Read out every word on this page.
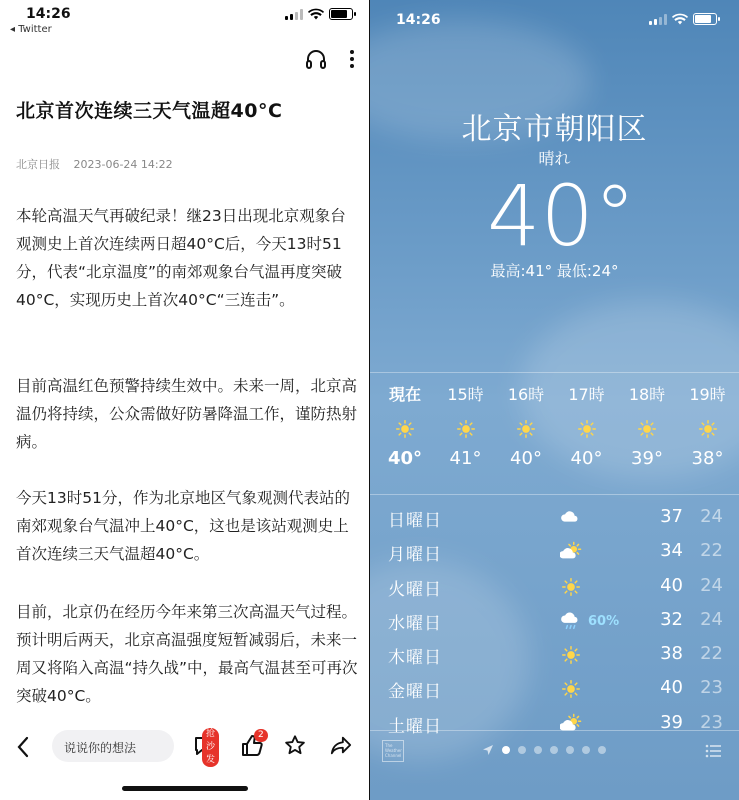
14:26
◂ Twitter
北京首次连续三天气温超40°C
北京日报 2023-06-24 14:22

本轮高温天气再破纪录！继23日出现北京观象台观测史上首次连续两日超40°C后，今天13时51分，代表“北京温度”的南郊观象台气温再度突破40°C，实现历史上首次40°C“三连击”。

目前高温红色预警持续生效中。未来一周，北京高温仍将持续，公众需做好防暑降温工作，谨防热射病。

今天13时51分，作为北京地区气象观测代表站的南郊观象台气温冲上40°C，这也是该站观测史上首次连续三天气温超40°C。

目前，北京仍在经历今年来第三次高温天气过程。预计明后两天，北京高温强度短暂减弱后，未来一周又将陷入高温“持久战”中，最高气温甚至可再次突破40°C。

说说你的想法
抢沙发
2
14:26
北京市朝阳区
晴れ
40°
最高:41° 最低:24°
現在
40°
15時
41°
16時
40°
17時
40°
18時
39°
19時
38°
日曜日	37 24
月曜日	34 22
火曜日	40 24
水曜日	60%	32 24
木曜日	38 22
金曜日	40 23
土曜日	39 23
The Weather Channel
